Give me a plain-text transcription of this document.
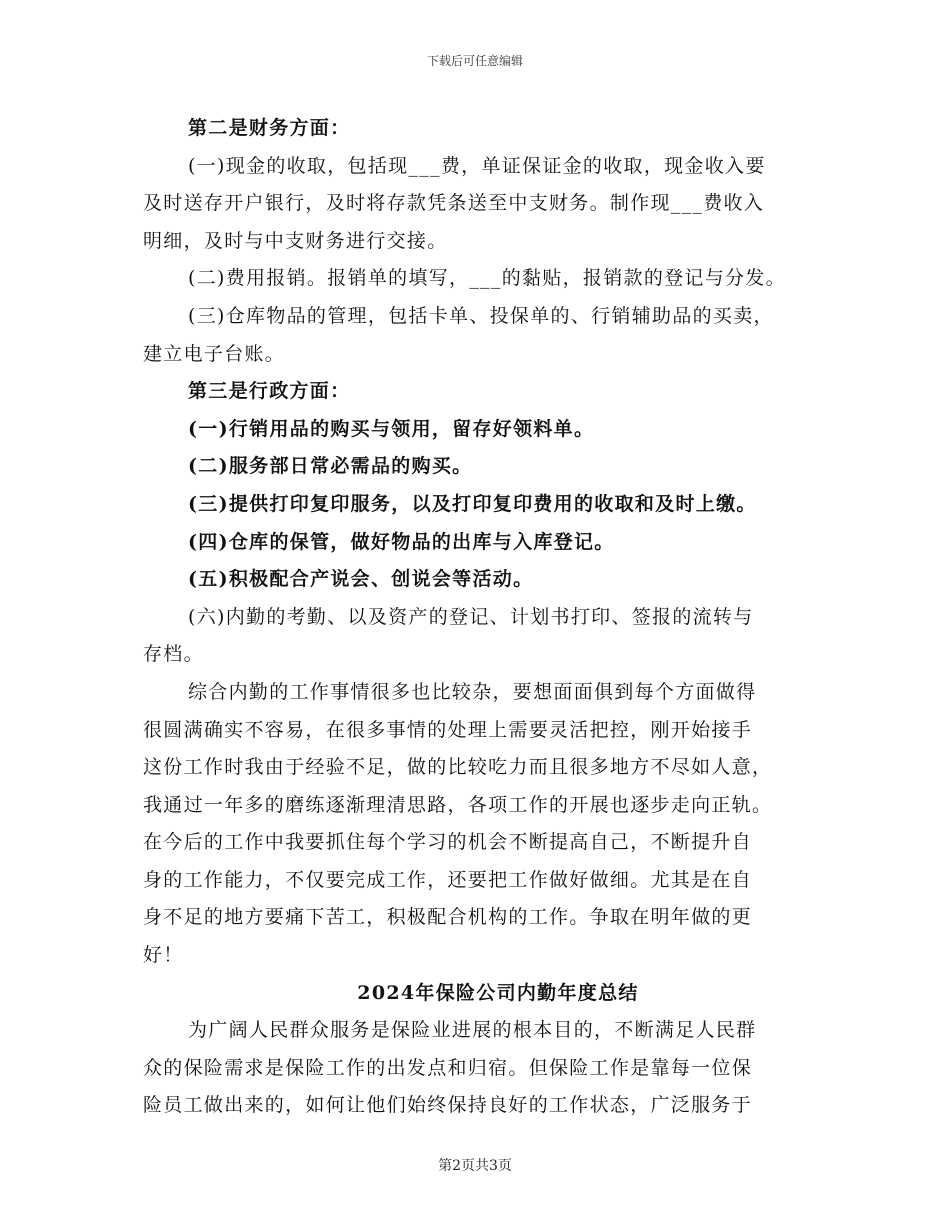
下载后可任意编辑
第二是财务方面：
(一)现金的收取，包括现___费，单证保证金的收取，现金收入要
及时送存开户银行，及时将存款凭条送至中支财务。制作现___费收入
明细，及时与中支财务进行交接。
(二)费用报销。报销单的填写，___的黏贴，报销款的登记与分发。
(三)仓库物品的管理，包括卡单、投保单的、行销辅助品的买卖，
建立电子台账。
第三是行政方面：
(一)行销用品的购买与领用，留存好领料单。
(二)服务部日常必需品的购买。
(三)提供打印复印服务，以及打印复印费用的收取和及时上缴。
(四)仓库的保管，做好物品的出库与入库登记。
(五)积极配合产说会、创说会等活动。
(六)内勤的考勤、以及资产的登记、计划书打印、签报的流转与
存档。
综合内勤的工作事情很多也比较杂，要想面面俱到每个方面做得
很圆满确实不容易，在很多事情的处理上需要灵活把控，刚开始接手
这份工作时我由于经验不足，做的比较吃力而且很多地方不尽如人意，
我通过一年多的磨练逐渐理清思路，各项工作的开展也逐步走向正轨。
在今后的工作中我要抓住每个学习的机会不断提高自己，不断提升自
身的工作能力，不仅要完成工作，还要把工作做好做细。尤其是在自
身不足的地方要痛下苦工，积极配合机构的工作。争取在明年做的更
好！
2024年保险公司内勤年度总结
为广阔人民群众服务是保险业进展的根本目的，不断满足人民群
众的保险需求是保险工作的出发点和归宿。但保险工作是靠每一位保
险员工做出来的，如何让他们始终保持良好的工作状态，广泛服务于
第2页共3页
